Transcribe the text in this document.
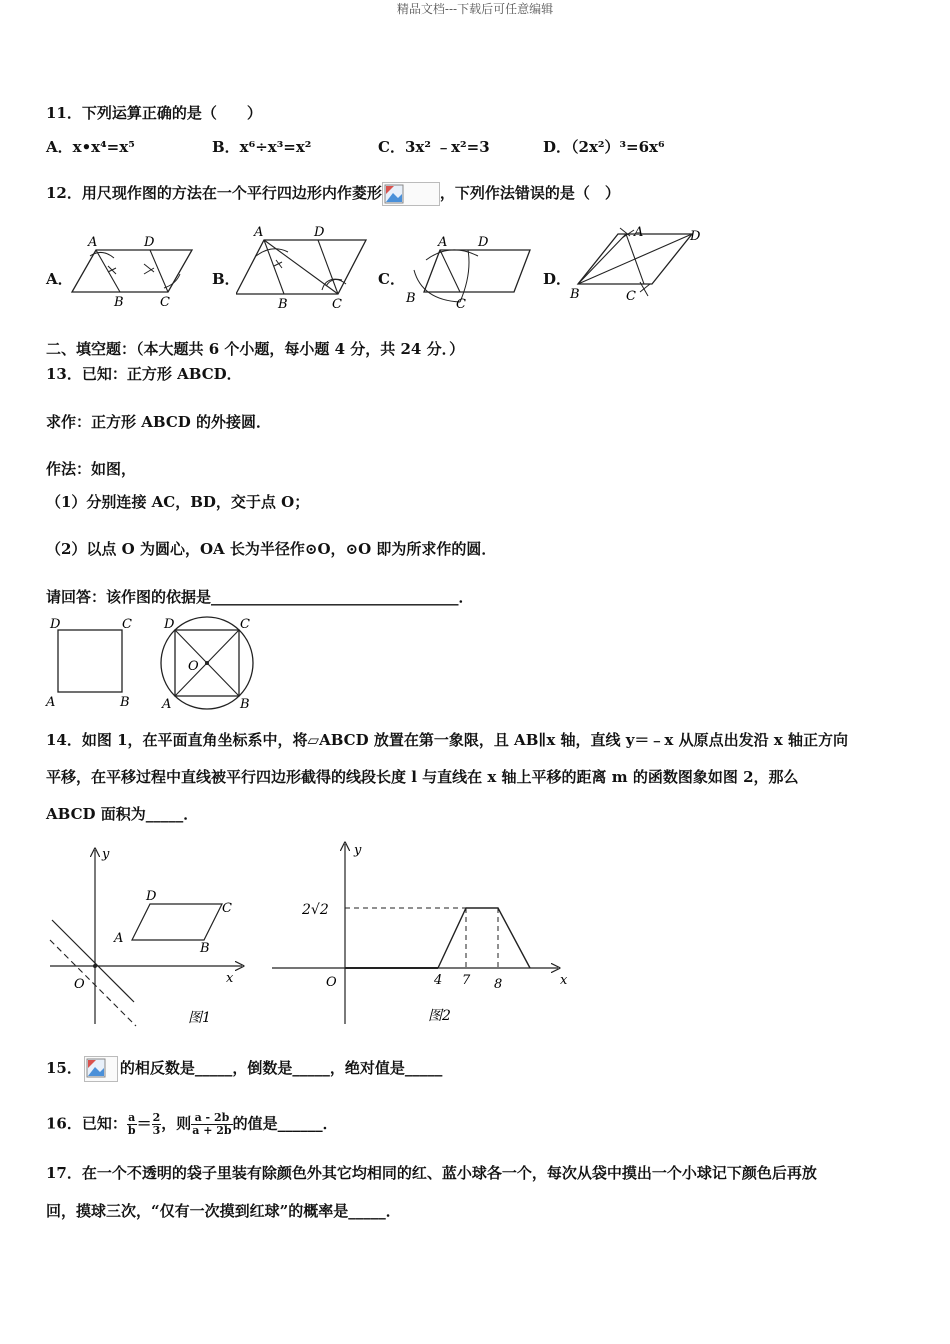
精品文档---下载后可任意编辑
11．下列运算正确的是（　　）
A．x•x⁴=x⁵	B．x⁶÷x³=x²	C．3x² ﹣x²=3	D．（2x²）³=6x⁶
12．用尺现作图的方法在一个平行四边形内作菱形	，下列作法错误的是（　）
A．	B．	C．	D．
A	D
B	C
A	D
B	C
A D
B	C
A	D
B	C
二、填空题：（本大题共 6 个小题，每小题 4 分，共 24 分．）
13．已知：正方形 ABCD．
求作：正方形 ABCD 的外接圆．
作法：如图，
（1）分别连接 AC，BD，交于点 O；
（2）以点 O 为圆心，OA 长为半径作⊙O，⊙O 即为所求作的圆．
请回答：该作图的依据是_________________________________．
D	C
A	B
D	C
A	B
O
14．如图 1，在平面直角坐标系中，将▱ABCD 放置在第一象限，且 AB∥x 轴，直线 y＝﹣x 从原点出发沿 x 轴正方向
平移，在平移过程中直线被平行四边形截得的线段长度 l 与直线在 x 轴上平移的距离 m 的函数图象如图 2，那么
ABCD 面积为_____．
y
x
O
D
C
A
B
图1
y
x
O
2√2
4 7 8
图2
15．	的相反数是_____，倒数是_____，绝对值是_____
16．已知： $\frac{a}{b} = \frac{2}{3}$ ，则 $\frac{a - 2b}{a + 2b}$ 的值是______．
17．在一个不透明的袋子里装有除颜色外其它均相同的红、蓝小球各一个，每次从袋中摸出一个小球记下颜色后再放
回，摸球三次，“仅有一次摸到红球”的概率是_____．
